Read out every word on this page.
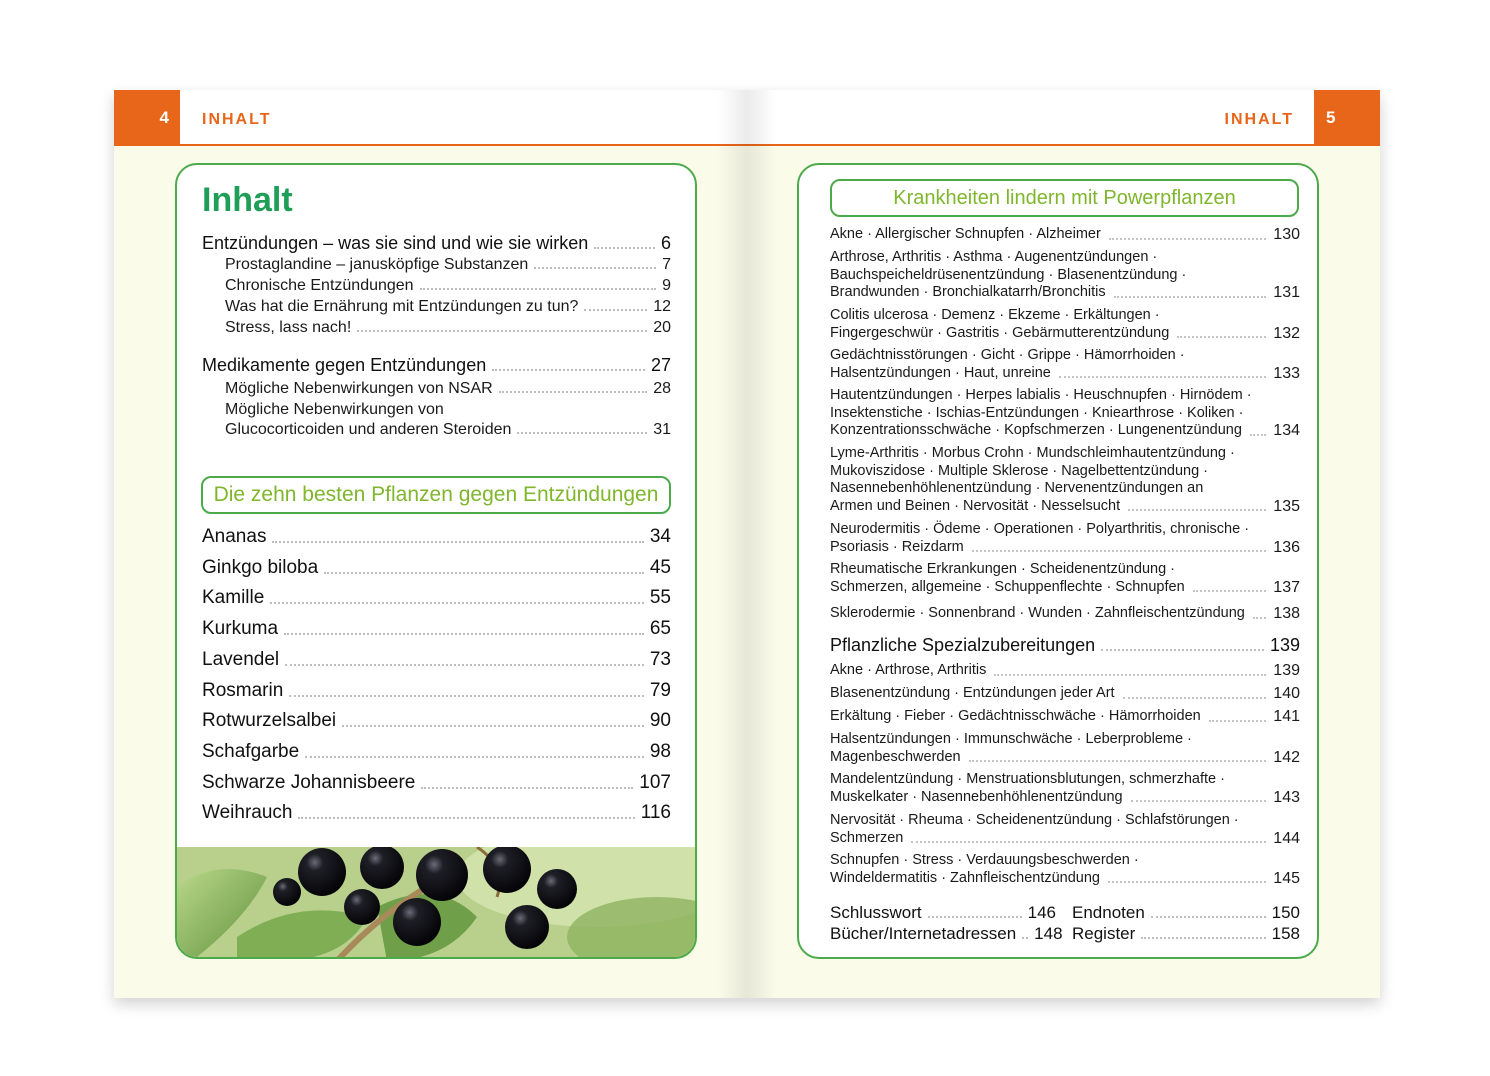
4	INHALT
Inhalt
Entzündungen – was sie sind und wie sie wirken	6
Prostaglandine – janusköpfige Substanzen	7
Chronische Entzündungen	9
Was hat die Ernährung mit Entzündungen zu tun?	12
Stress, lass nach!	20
Medikamente gegen Entzündungen	27
Mögliche Nebenwirkungen von NSAR	28
Mögliche Nebenwirkungen von
Glucocorticoiden und anderen Steroiden	31
Die zehn besten Pflanzen gegen Entzündungen
Ananas	34
Ginkgo biloba	45
Kamille	55
Kurkuma	65
Lavendel	73
Rosmarin	79
Rotwurzelsalbei	90
Schafgarbe	98
Schwarze Johannisbeere	107
Weihrauch	116
INHALT	5
Krankheiten lindern mit Powerpflanzen
Akne · Allergischer Schnupfen · Alzheimer	130
Arthrose, Arthritis · Asthma · Augenentzündungen ·
Bauchspeicheldrüsenentzündung · Blasenentzündung ·
Brandwunden · Bronchialkatarrh/Bronchitis	131
Colitis ulcerosa · Demenz · Ekzeme · Erkältungen ·
Fingergeschwür · Gastritis · Gebärmutterentzündung	132
Gedächtnisstörungen · Gicht · Grippe · Hämorrhoiden ·
Halsentzündungen · Haut, unreine	133
Hautentzündungen · Herpes labialis · Heuschnupfen · Hirnödem ·
Insektenstiche · Ischias-Entzündungen · Kniearthrose · Koliken ·
Konzentrationsschwäche · Kopfschmerzen · Lungenentzündung 134
Lyme-Arthritis · Morbus Crohn · Mundschleimhautentzündung ·
Mukoviszidose · Multiple Sklerose · Nagelbettentzündung ·
Nasennebenhöhlenentzündung · Nervenentzündungen an
Armen und Beinen · Nervosität · Nesselsucht	135
Neurodermitis · Ödeme · Operationen · Polyarthritis, chronische ·
Psoriasis · Reizdarm	136
Rheumatische Erkrankungen · Scheidenentzündung ·
Schmerzen, allgemeine · Schuppenflechte · Schnupfen	137
Sklerodermie · Sonnenbrand · Wunden · Zahnfleischentzündung 138
Pflanzliche Spezialzubereitungen	139
Akne · Arthrose, Arthritis	139
Blasenentzündung · Entzündungen jeder Art	140
Erkältung · Fieber · Gedächtnisschwäche · Hämorrhoiden	141
Halsentzündungen · Immunschwäche · Leberprobleme ·
Magenbeschwerden	142
Mandelentzündung · Menstruationsblutungen, schmerzhafte ·
Muskelkater · Nasennebenhöhlenentzündung	143
Nervosität · Rheuma · Scheidenentzündung · Schlafstörungen ·
Schmerzen	144
Schnupfen · Stress · Verdauungsbeschwerden ·
Windeldermatitis · Zahnfleischentzündung	145
Schlusswort	146 Endnoten	150
Bücher/Internetadressen 148 Register	158
